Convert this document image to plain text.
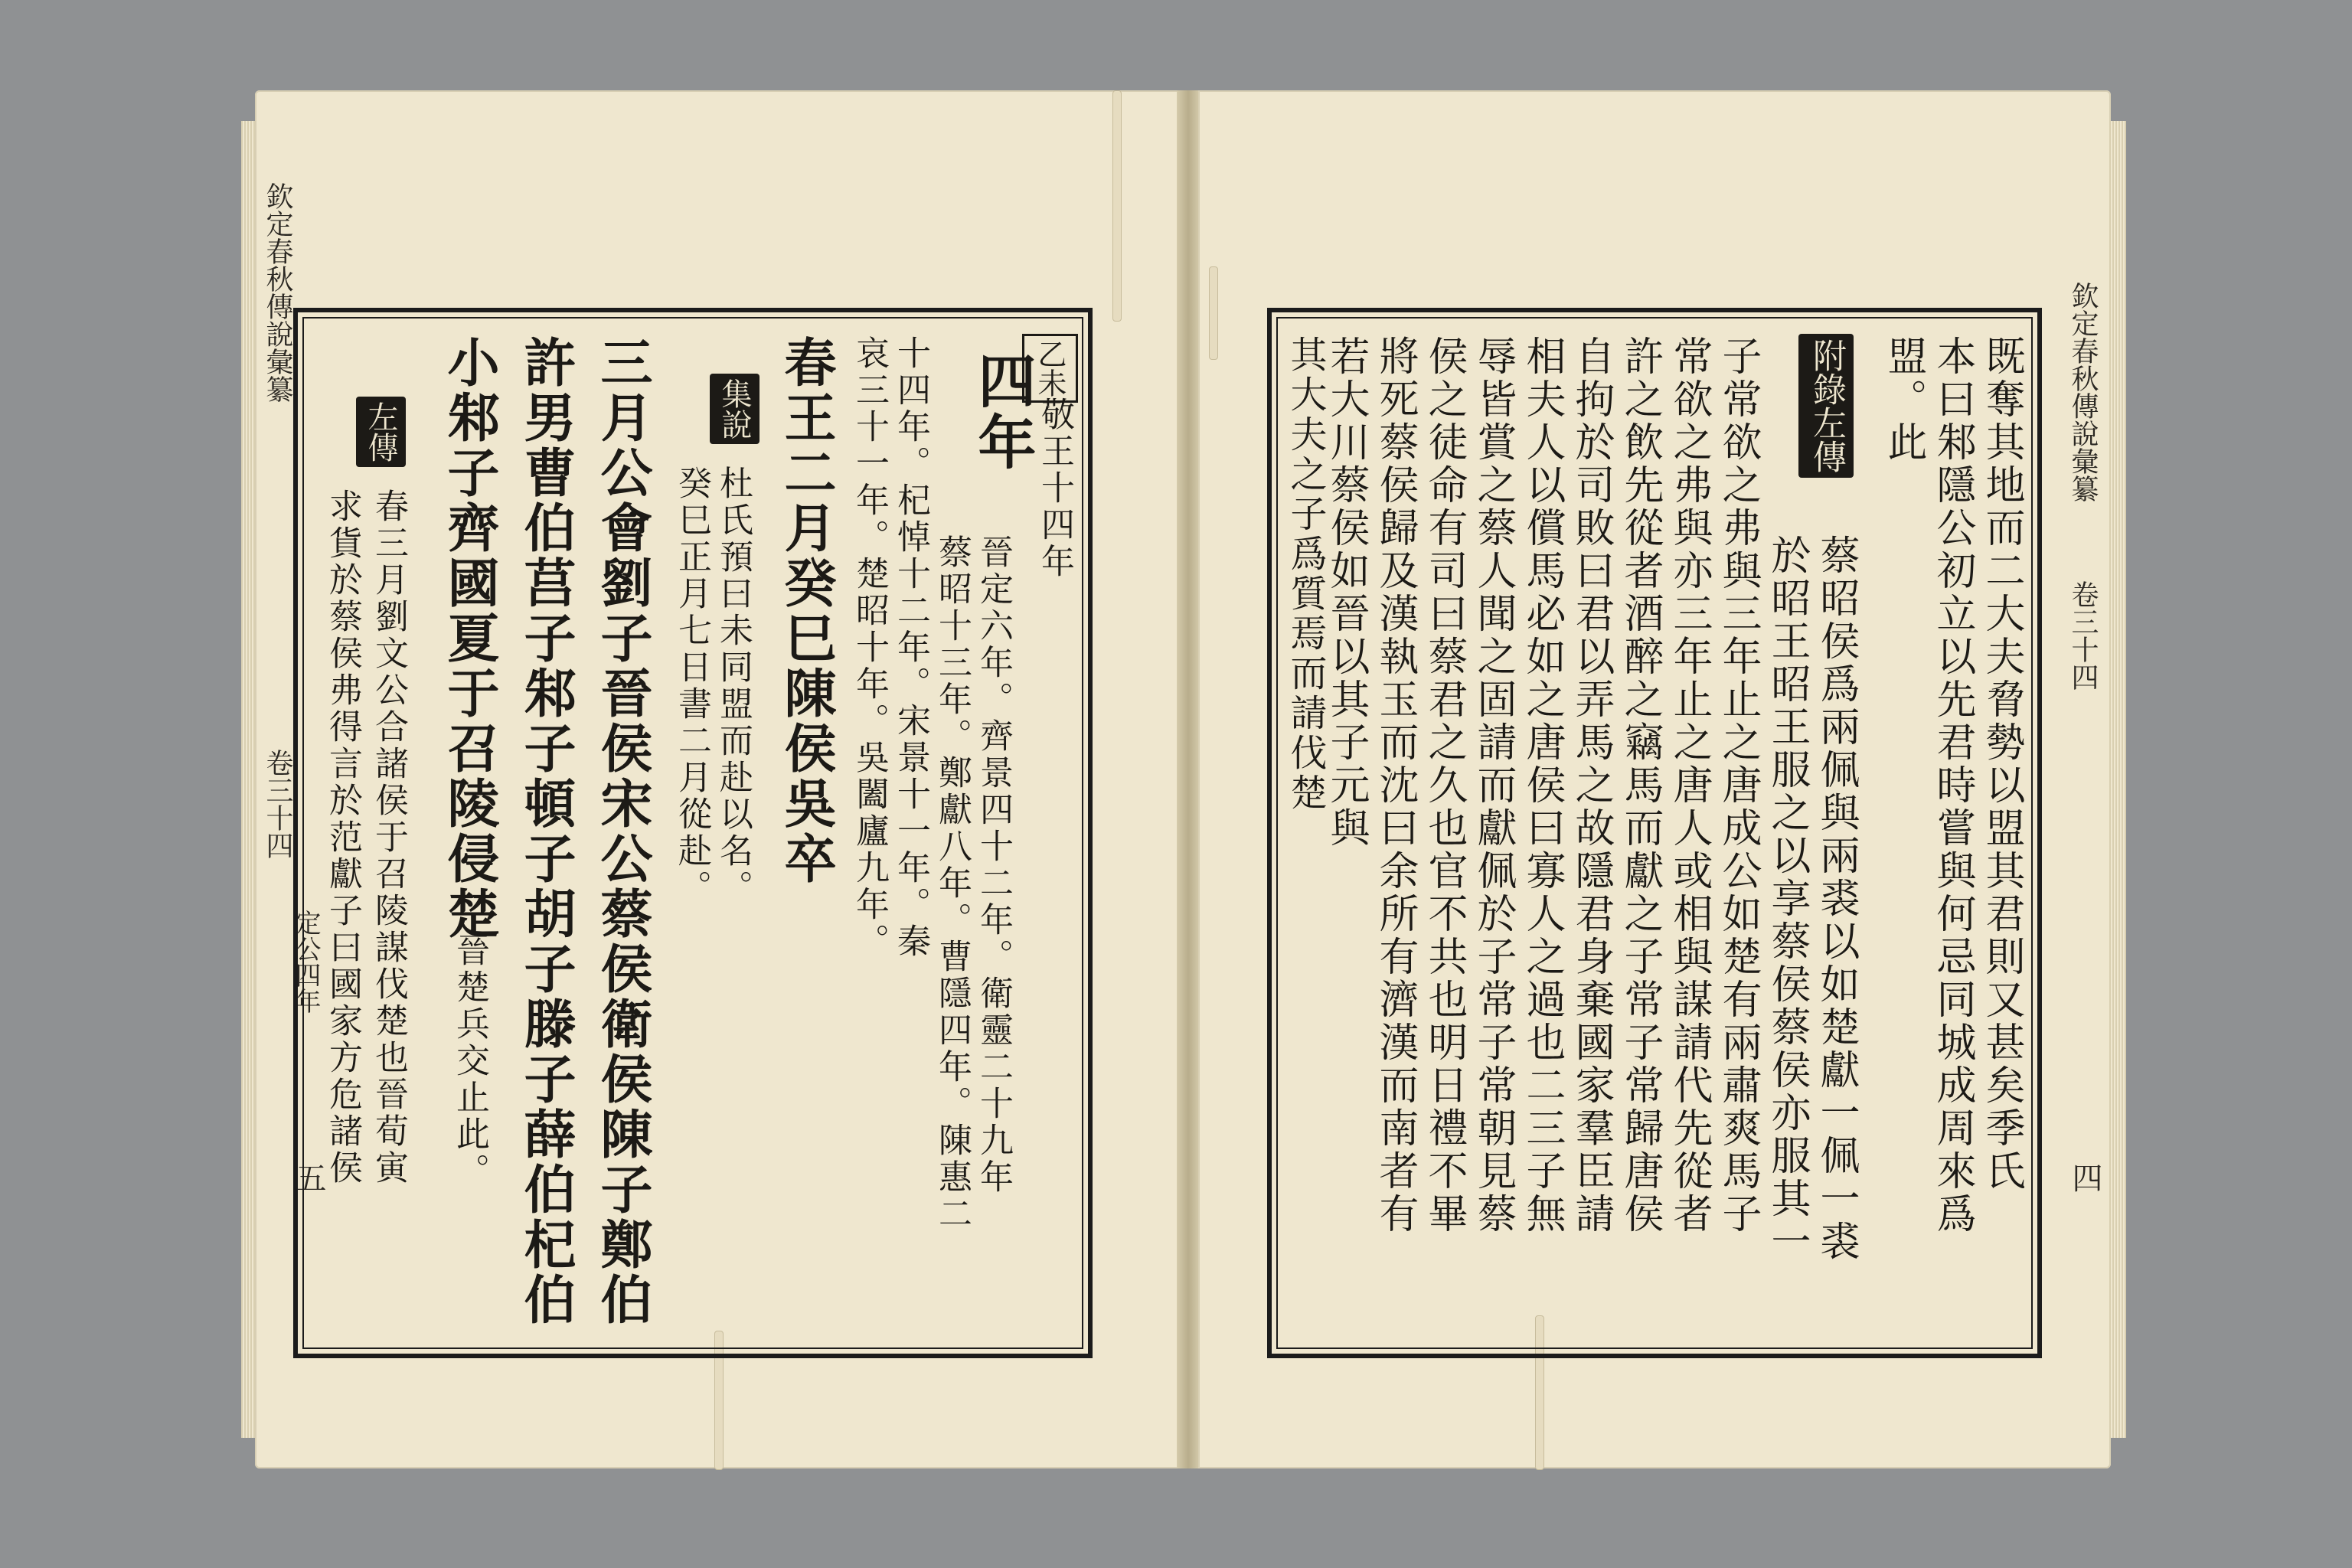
欽定春秋傳說彙纂
卷三十四
定公四年
五
欽定春秋傳說彙纂
卷三十四
四
乙未
敬王十四年
四年
晉定六年。齊景四十二年。衛靈二十九年
蔡昭十三年。鄭獻八年。曹隱四年。陳惠二
十四年。杞悼十二年。宋景十一年。秦
哀三十一年。楚昭十年。吳闔廬九年。
春王二月癸巳陳侯吳卒
集說
杜氏預曰未同盟而赴以名。
癸巳正月七日書二月從赴。
三月公會劉子晉侯宋公蔡侯衛侯陳子鄭伯
許男曹伯莒子邾子頓子胡子滕子薛伯杞伯
小邾子齊國夏于召陵侵楚
晉楚兵交止此。
左傳
春三月劉文公合諸侯于召陵謀伐楚也晉荀寅
求貨於蔡侯弗得言於范獻子曰國家方危諸侯	既奪其地而二大夫脅勢以盟其君則又甚矣季氏
本曰邾隱公初立以先君時嘗與何忌同城成周來爲
盟。此
附錄左傳
蔡昭侯爲兩佩與兩裘以如楚獻一佩一裘
於昭王昭王服之以享蔡侯蔡侯亦服其一
子常欲之弗與三年止之唐成公如楚有兩肅爽馬子
常欲之弗與亦三年止之唐人或相與謀請代先從者
許之飲先從者酒醉之竊馬而獻之子常子常歸唐侯
自拘於司敗曰君以弄馬之故隱君身棄國家羣臣請
相夫人以償馬必如之唐侯曰寡人之過也二三子無
辱皆賞之蔡人聞之固請而獻佩於子常子常朝見蔡
侯之徒命有司曰蔡君之久也官不共也明日禮不畢
將死蔡侯歸及漢執玉而沈曰余所有濟漢而南者有
若大川蔡侯如晉以其子元與
其大夫之子爲質焉而請伐楚
